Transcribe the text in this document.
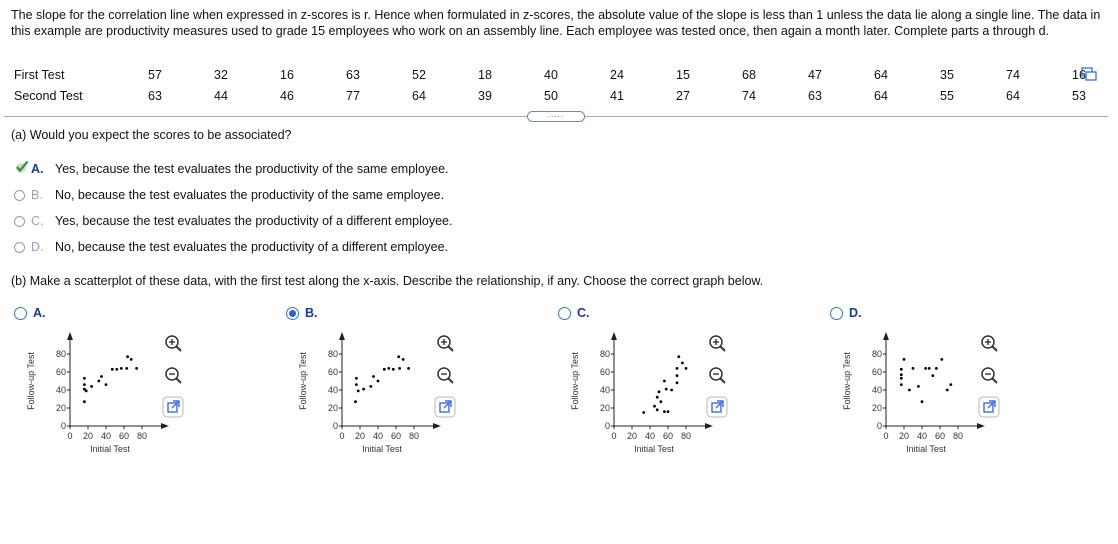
The slope for the correlation line when expressed in z-scores is r. Hence when formulated in z-scores, the absolute value of the slope is less than 1 unless the data lie along a single line. The data in this example are productivity measures used to grade 15 employees who work on an assembly line. Each employee was tested once, then again a month later. Complete parts a through d.
First Test	57	32	16	63	52	18	40	24	15	68	47	64	35	74	16
Second Test	63	44	46	77	64	39	50	41	27	74	63	64	55	64	53
.....
(a) Would you expect the scores to be associated?
A. Yes, because the test evaluates the productivity of the same employee.
B. No, because the test evaluates the productivity of the same employee.
C. Yes, because the test evaluates the productivity of a different employee.
D. No, because the test evaluates the productivity of a different employee.
(b) Make a scatterplot of these data, with the first test along the x-axis. Describe the relationship, if any. Choose the correct graph below.
A.
0 20 40 60 80
0
20
40
60
80
Initial Test
Follow-up Test
B.
0 20 40 60 80
0
20
40
60
80
Initial Test
Follow-up Test
C.
0 20 40 60 80
0
20
40
60
80
Initial Test
Follow-up Test
D.
0 20 40 60 80
0
20
40
60
80
Initial Test
Follow-up Test
